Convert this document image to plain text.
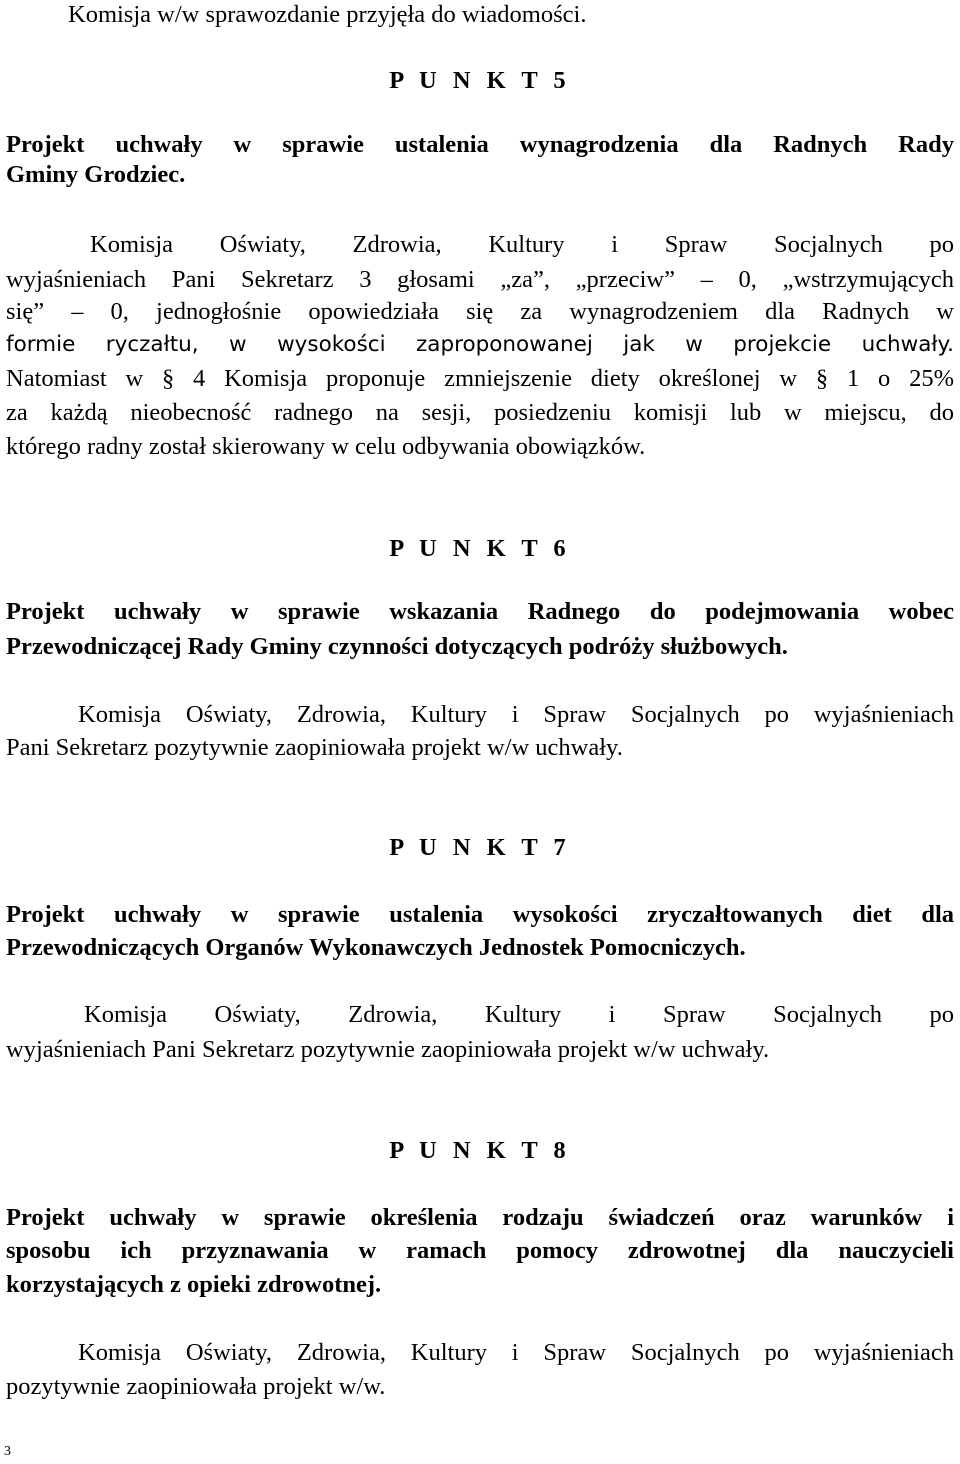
Komisja w/w sprawozdanie przyjęła do wiadomości.

P U N K T 5

Projekt uchwały w sprawie ustalenia wynagrodzenia dla Radnych Rady

Gminy Grodziec.

Komisja Oświaty, Zdrowia, Kultury i Spraw Socjalnych po

wyjaśnieniach Pani Sekretarz 3 głosami „za”, „przeciw” – 0, „wstrzymujących

się” – 0, jednogłośnie opowiedziała się za wynagrodzeniem dla Radnych w

formie ryczałtu, w wysokości zaproponowanej jak w projekcie uchwały.

Natomiast w § 4 Komisja proponuje zmniejszenie diety określonej w § 1 o 25%

za każdą nieobecność radnego na sesji, posiedzeniu komisji lub w miejscu, do

którego radny został skierowany w celu odbywania obowiązków.

P U N K T 6

Projekt uchwały w sprawie wskazania Radnego do podejmowania wobec

Przewodniczącej Rady Gminy czynności dotyczących podróży służbowych.

Komisja Oświaty, Zdrowia, Kultury i Spraw Socjalnych po wyjaśnieniach

Pani Sekretarz pozytywnie zaopiniowała projekt w/w uchwały.

P U N K T 7

Projekt uchwały w sprawie ustalenia wysokości zryczałtowanych diet dla

Przewodniczących Organów Wykonawczych Jednostek Pomocniczych.

Komisja Oświaty, Zdrowia, Kultury i Spraw Socjalnych po

wyjaśnieniach Pani Sekretarz pozytywnie zaopiniowała projekt w/w uchwały.

P U N K T 8

Projekt uchwały w sprawie określenia rodzaju świadczeń oraz warunków i

sposobu ich przyznawania w ramach pomocy zdrowotnej dla nauczycieli

korzystających z opieki zdrowotnej.

Komisja Oświaty, Zdrowia, Kultury i Spraw Socjalnych po wyjaśnieniach

pozytywnie zaopiniowała projekt w/w.

3
